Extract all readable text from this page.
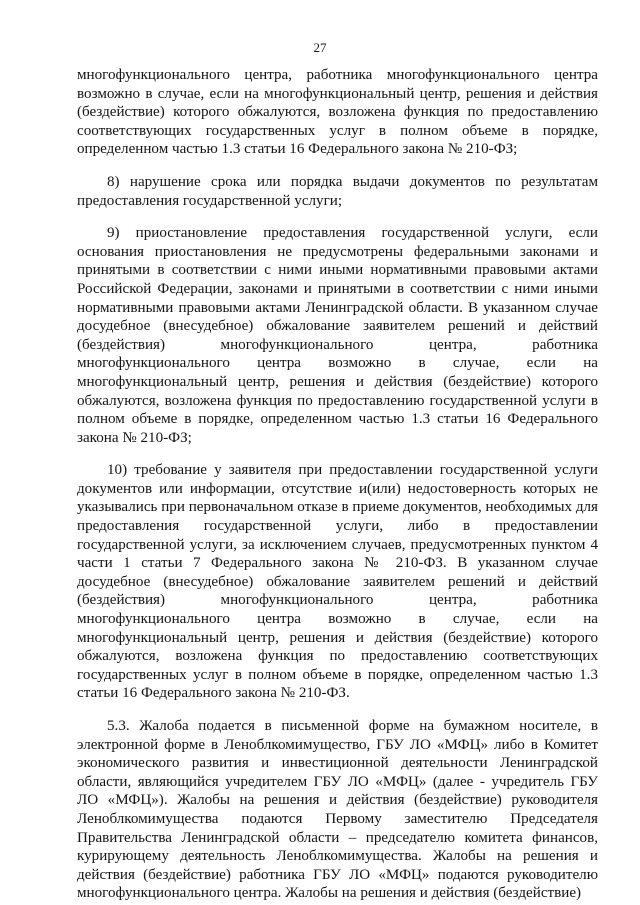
27

многофункционального центра, работника многофункционального центра возможно в случае, если на многофункциональный центр, решения и действия (бездействие) которого обжалуются, возложена функция по предоставлению соответствующих государственных услуг в полном объеме в порядке, определенном частью 1.3 статьи 16 Федерального закона № 210-ФЗ;

8) нарушение срока или порядка выдачи документов по результатам предоставления государственной услуги;

9) приостановление предоставления государственной услуги, если основания приостановления не предусмотрены федеральными законами и принятыми в соответствии с ними иными нормативными правовыми актами Российской Федерации, законами и принятыми в соответствии с ними иными нормативными правовыми актами Ленинградской области. В указанном случае досудебное (внесудебное) обжалование заявителем решений и действий (бездействия) многофункционального центра, работника многофункционального центра возможно в случае, если на многофункциональный центр, решения и действия (бездействие) которого обжалуются, возложена функция по предоставлению государственной услуги в полном объеме в порядке, определенном частью 1.3 статьи 16 Федерального закона № 210-ФЗ;

10) требование у заявителя при предоставлении государственной услуги документов или информации, отсутствие и(или) недостоверность которых не указывались при первоначальном отказе в приеме документов, необходимых для предоставления государственной услуги, либо в предоставлении государственной услуги, за исключением случаев, предусмотренных пунктом 4 части 1 статьи 7 Федерального закона № 210-ФЗ. В указанном случае досудебное (внесудебное) обжалование заявителем решений и действий (бездействия) многофункционального центра, работника многофункционального центра возможно в случае, если на многофункциональный центр, решения и действия (бездействие) которого обжалуются, возложена функция по предоставлению соответствующих государственных услуг в полном объеме в порядке, определенном частью 1.3 статьи 16 Федерального закона № 210-ФЗ.

5.3. Жалоба подается в письменной форме на бумажном носителе, в электронной форме в Леноблкомимущество, ГБУ ЛО «МФЦ» либо в Комитет экономического развития и инвестиционной деятельности Ленинградской области, являющийся учредителем ГБУ ЛО «МФЦ» (далее - учредитель ГБУ ЛО «МФЦ»). Жалобы на решения и действия (бездействие) руководителя Леноблкомимущества подаются Первому заместителю Председателя Правительства Ленинградской области – председателю комитета финансов, курирующему деятельность Леноблкомимущества. Жалобы на решения и действия (бездействие) работника ГБУ ЛО «МФЦ» подаются руководителю многофункционального центра. Жалобы на решения и действия (бездействие)
